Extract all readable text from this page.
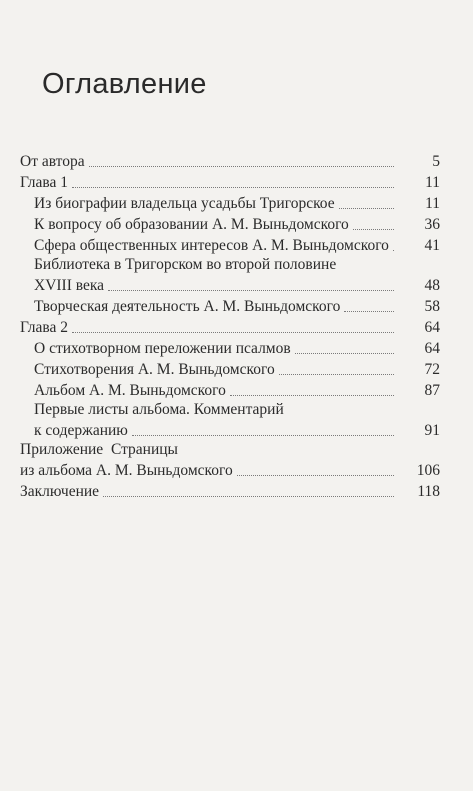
Оглавление
От автора	5
Глава 1	11
Из биографии владельца усадьбы Тригорское	11
К вопросу об образовании А. М. Выньдомского	36
Сфера общественных интересов А. М. Выньдомского	41
Библиотека в Тригорском во второй половине
XVIII века	48
Творческая деятельность А. М. Выньдомского	58
Глава 2	64
О стихотворном переложении псалмов	64
Стихотворения А. М. Выньдомского	72
Альбом А. М. Выньдомского	87
Первые листы альбома. Комментарий
к содержанию	91
Приложение  Страницы
из альбома А. М. Выньдомского	106
Заключение	118
